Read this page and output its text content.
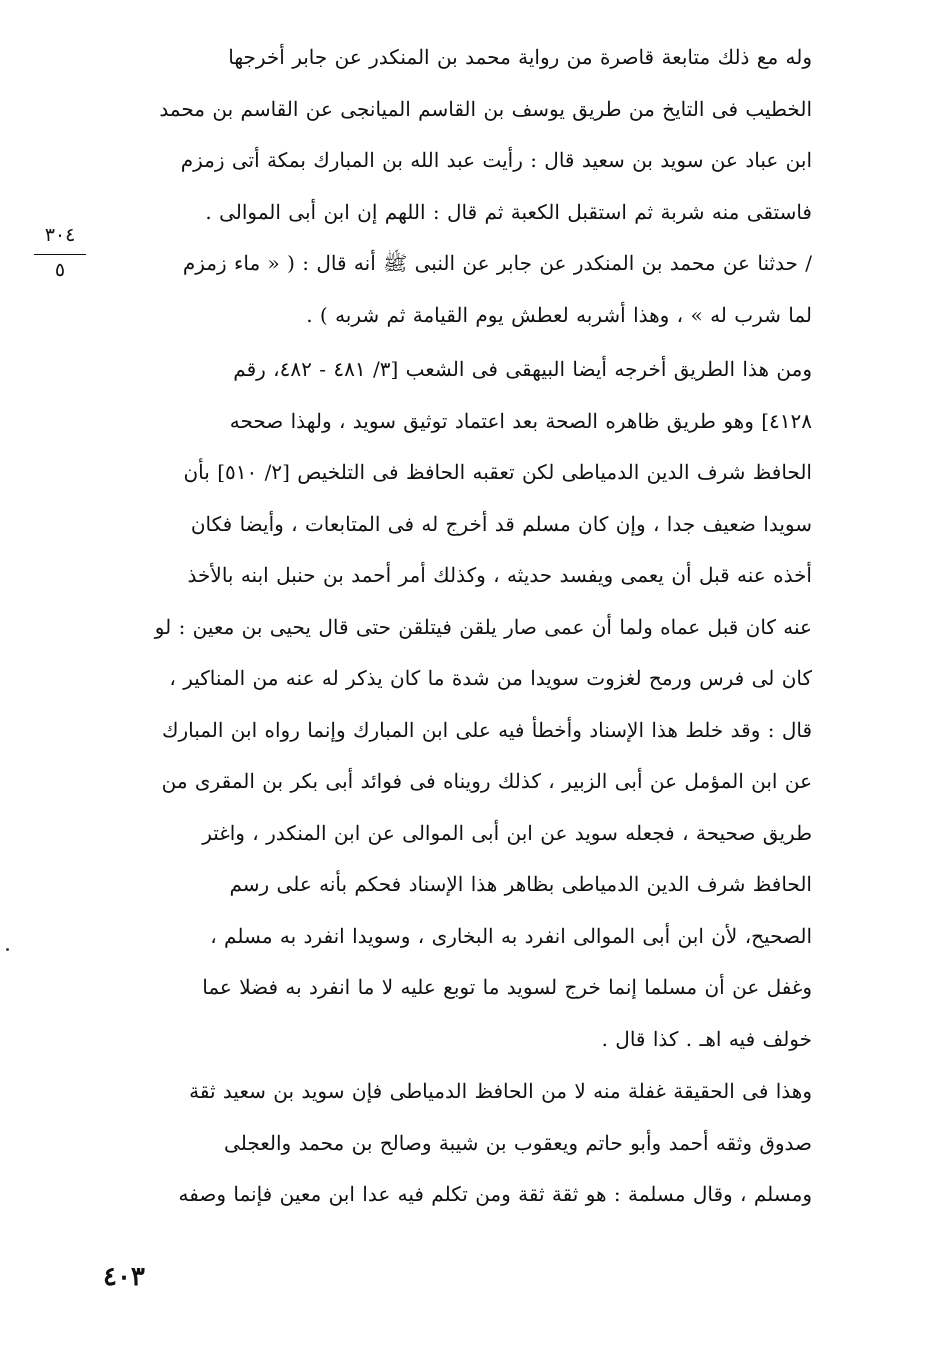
٣٠٤
٥
وله مع ذلك متابعة قاصرة من رواية محمد بن المنكدر عن جابر أخرجها
الخطيب فى التايخ من طريق يوسف بن القاسم الميانجى عن القاسم بن محمد
ابن عباد عن سويد بن سعيد قال : رأيت عبد الله بن المبارك بمكة أتى زمزم
فاستقى منه شربة ثم استقبل الكعبة ثم قال : اللهم إن ابن أبى الموالى .
/ حدثنا عن محمد بن المنكدر عن جابر عن النبى ﷺ أنه قال : ( « ماء زمزم
لما شرب له » ، وهذا أشربه لعطش يوم القيامة ثم شربه ) .
ومن هذا الطريق أخرجه أيضا البيهقى فى الشعب [٣/ ٤٨١ - ٤٨٢، رقم
٤١٢٨] وهو طريق ظاهره الصحة بعد اعتماد توثيق سويد ، ولهذا صححه
الحافظ شرف الدين الدمياطى لكن تعقبه الحافظ فى التلخيص [٢/ ٥١٠] بأن
سويدا ضعيف جدا ، وإن كان مسلم قد أخرج له فى المتابعات ، وأيضا فكان
أخذه عنه قبل أن يعمى ويفسد حديثه ، وكذلك أمر أحمد بن حنبل ابنه بالأخذ
عنه كان قبل عماه ولما أن عمى صار يلقن فيتلقن حتى قال يحيى بن معين : لو
كان لى فرس ورمح لغزوت سويدا من شدة ما كان يذكر له عنه من المناكير ،
قال : وقد خلط هذا الإسناد وأخطأ فيه على ابن المبارك وإنما رواه ابن المبارك
عن ابن المؤمل عن أبى الزبير ، كذلك رويناه فى فوائد أبى بكر بن المقرى من
طريق صحيحة ، فجعله سويد عن ابن أبى الموالى عن ابن المنكدر ، واغتر
الحافظ شرف الدين الدمياطى بظاهر هذا الإسناد فحكم بأنه على رسم
الصحيح، لأن ابن أبى الموالى انفرد به البخارى ، وسويدا انفرد به مسلم ،
وغفل عن أن مسلما إنما خرج لسويد ما توبع عليه لا ما انفرد به فضلا عما
خولف فيه اهـ . كذا قال .
وهذا فى الحقيقة غفلة منه لا من الحافظ الدمياطى فإن سويد بن سعيد ثقة
صدوق وثقه أحمد وأبو حاتم ويعقوب بن شيبة وصالح بن محمد والعجلى
ومسلم ، وقال مسلمة : هو ثقة ثقة ومن تكلم فيه عدا ابن معين فإنما وصفه
٤٠٣
